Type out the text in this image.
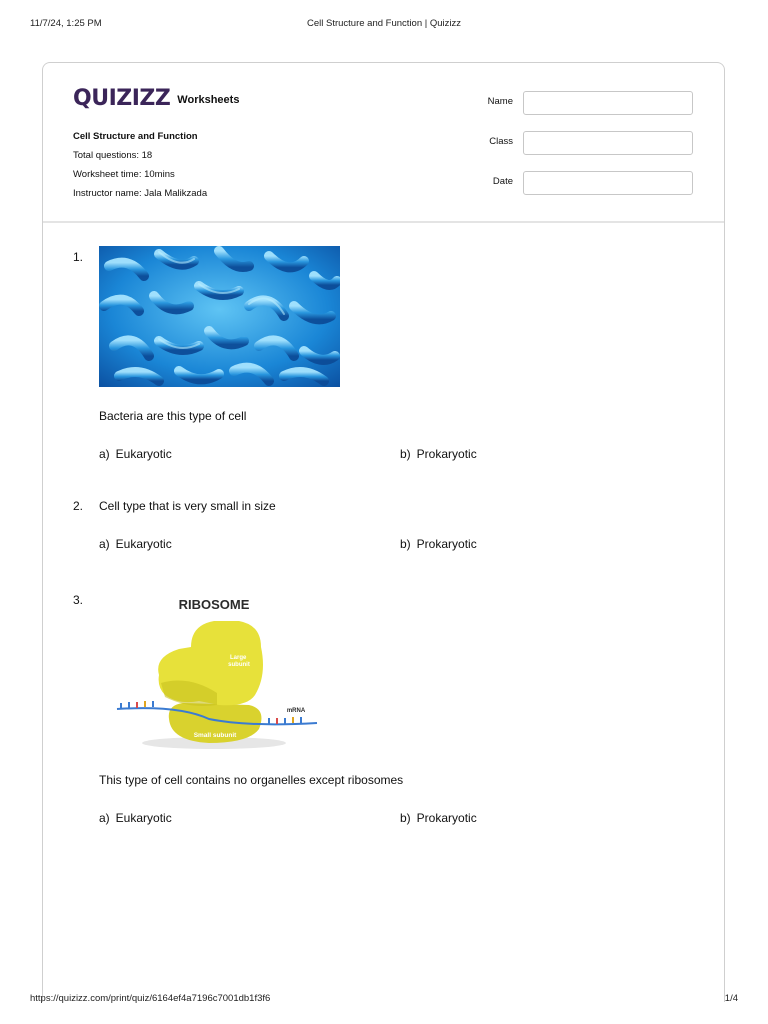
11/7/24, 1:25 PM	Cell Structure and Function | Quizizz
QUIZIZZ Worksheets
Cell Structure and Function
Total questions: 18
Worksheet time: 10mins
Instructor name: Jala Malikzada
Name
Class
Date
1.
Bacteria are this type of cell
a) Eukaryotic	b) Prokaryotic
2. Cell type that is very small in size
a) Eukaryotic	b) Prokaryotic
3.	RIBOSOME
Large subunit
Small subunit
mRNA
This type of cell contains no organelles except ribosomes
a) Eukaryotic	b) Prokaryotic
https://quizizz.com/print/quiz/6164ef4a7196c7001db1f3f6	1/4
